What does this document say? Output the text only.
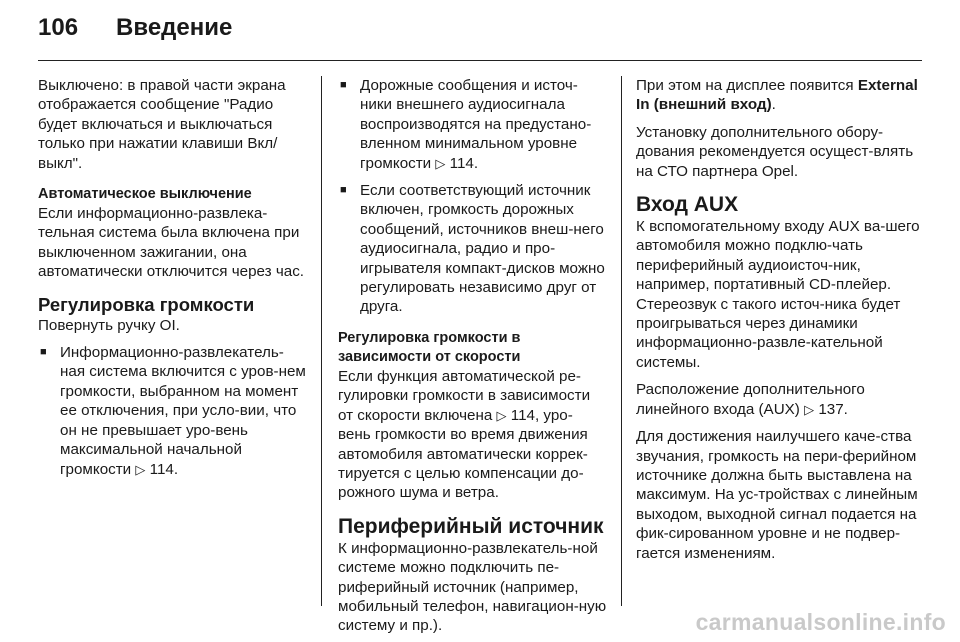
106 Введение

Выключено: в правой части экрана отображается сообщение "Радио будет включаться и выключаться только при нажатии клавиши Вкл/выкл".

Автоматическое выключение

Если информационно-развлека-тельная система была включена при выключенном зажигании, она автоматически отключится через час.

Регулировка громкости

Повернуть ручку OI.

■ Информационно-развлекатель-ная система включится с уров-нем громкости, выбранном на момент ее отключения, при усло-вии, что он не превышает уро-вень максимальной начальной громкости ▷ 114.

■ Дорожные сообщения и источ-ники внешнего аудиосигнала воспроизводятся на предустано-вленном минимальном уровне громкости ▷ 114.

■ Если соответствующий источник включен, громкость дорожных сообщений, источников внеш-него аудиосигнала, радио и про-игрывателя компакт-дисков можно регулировать независимо друг от друга.

Регулировка громкости в зависимости от скорости

Если функция автоматической ре-гулировки громкости в зависимости от скорости включена ▷ 114, уро- вень громкости во время движения автомобиля автоматически коррек-тируется с целью компенсации до-рожного шума и ветра.

Периферийный источник

К информационно-развлекатель-ной системе можно подключить пе-риферийный источник (например, мобильный телефон, навигацион-ную систему и пр.).

При этом на дисплее появится External In (внешний вход).

Установку дополнительного обору-дования рекомендуется осущест-влять на СТО партнера Opel.

Вход AUX

К вспомогательному входу AUX ва-шего автомобиля можно подклю-чать периферийный аудиоисточ-ник, например, портативный CD-плейер. Стереозвук с такого источ-ника будет проигрываться через динамики информационно-развле-кательной системы.

Расположение дополнительного линейного входа (AUX) ▷ 137.

Для достижения наилучшего каче-ства звучания, громкость на пери-ферийном источнике должна быть выставлена на максимум. На ус-тройствах с линейным выходом, выходной сигнал подается на фик-сированном уровне и не подвер-гается изменениям.

carmanualsonline.info
